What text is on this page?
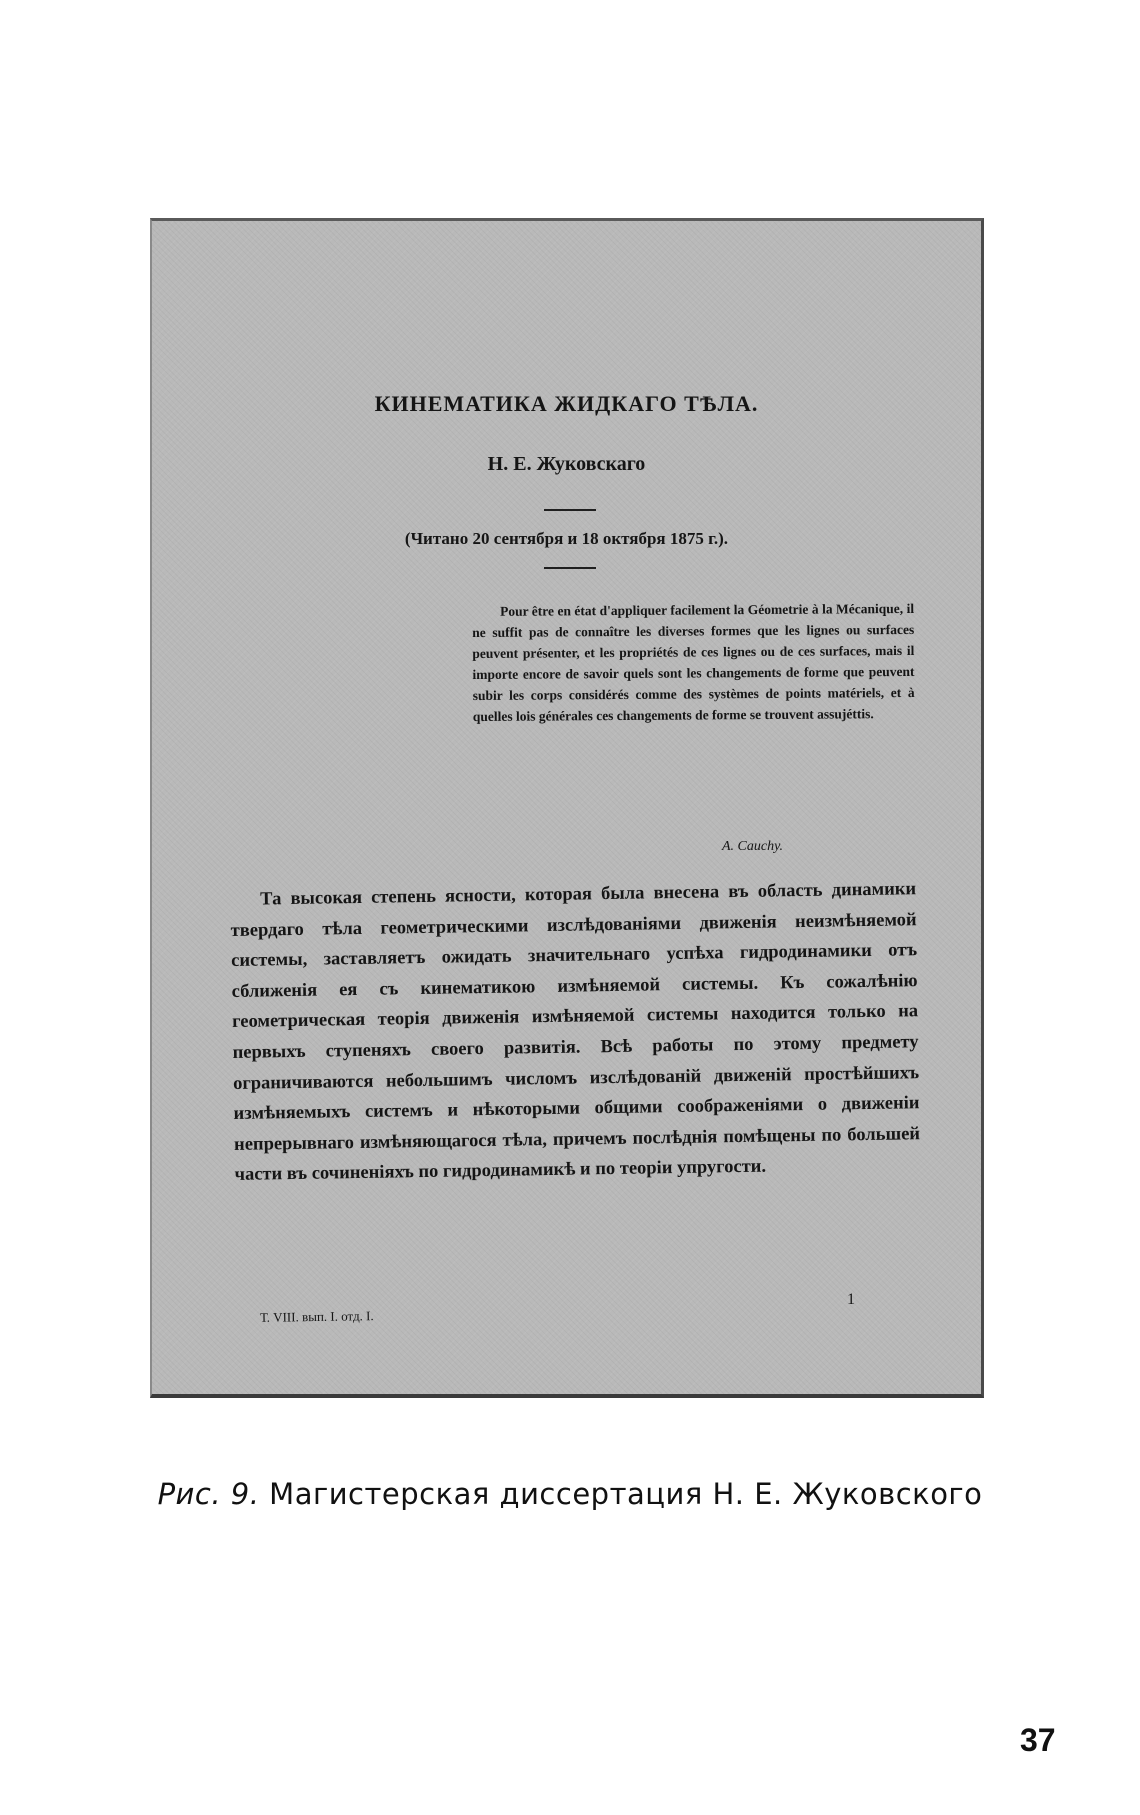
КИНЕМАТИКА ЖИДКАГО ТѢЛА.
Н. Е. Жуковскаго
(Читано 20 сентября и 18 октября 1875 г.).
Pour être en état d'appliquer facilement la Géometrie à la Mécanique, il ne suffit pas de connaître les diverses formes que les lignes ou surfaces peuvent présenter, et les propriétés de ces lignes ou de ces surfaces, mais il importe encore de savoir quels sont les changements de forme que peuvent subir les corps considérés comme des systèmes de points matériels, et à quelles lois générales ces changements de forme se trouvent assujéttis.
A. Cauchy.
Та высокая степень ясности, которая была внесена въ область динамики твердаго тѣла геометрическими изслѣдованіями движенія неизмѣняемой системы, заставляетъ ожидать значительнаго успѣха гидродинамики отъ сближенія ея съ кинематикою измѣняемой системы. Къ сожалѣнію геометрическая теорія движенія измѣняемой системы находится только на первыхъ ступеняхъ своего развитія. Всѣ работы по этому предмету ограничиваются небольшимъ числомъ изслѣдованій движеній простѣйшихъ измѣняемыхъ системъ и нѣкоторыми общими соображеніями о движеніи непрерывнаго измѣняющагося тѣла, причемъ послѣднія помѣщены по большей части въ сочиненіяхъ по гидродинамикѣ и по теоріи упругости.
Т. VIII. вып. I. отд. I.
1
Рис. 9. Магистерская диссертация Н. Е. Жуковского
37
